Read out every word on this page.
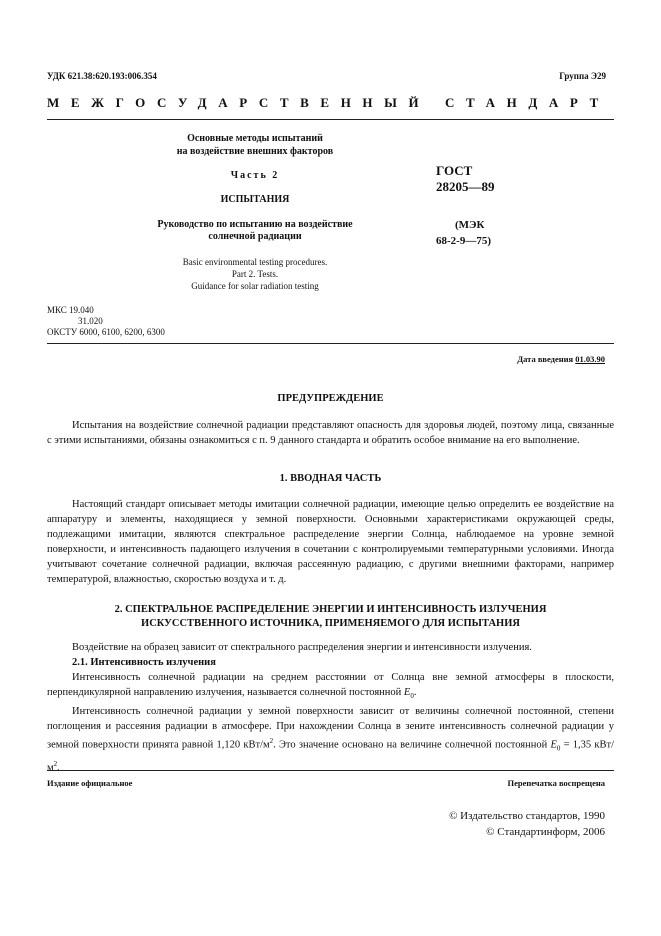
УДК 621.38:620.193:006.354	Группа Э29
МЕЖГОСУДАРСТВЕННЫЙ СТАНДАРТ
Основные методы испытаний
на воздействие внешних факторов
Часть 2
ИСПЫТАНИЯ
Руководство по испытанию на воздействие
солнечной радиации
Basic environmental testing procedures.
Part 2. Tests.
Guidance for solar radiation testing
ГОСТ
28205—89
(МЭК
68-2-9—75)
МКС 19.040
31.020
ОКСТУ 6000, 6100, 6200, 6300
Дата введения 01.03.90
ПРЕДУПРЕЖДЕНИЕ
Испытания на воздействие солнечной радиации представляют опасность для здоровья людей, поэтому лица, связанные с этими испытаниями, обязаны ознакомиться с п. 9 данного стандарта и обратить особое внимание на его выполнение.
1. ВВОДНАЯ ЧАСТЬ
Настоящий стандарт описывает методы имитации солнечной радиации, имеющие целью определить ее воздействие на аппаратуру и элементы, находящиеся у земной поверхности. Основными характеристиками окружающей среды, подлежащими имитации, являются спектральное распределение энергии Солнца, наблюдаемое на уровне земной поверхности, и интенсивность падающего излучения в сочетании с контролируемыми температурными условиями. Иногда учитывают сочетание солнечной радиации, включая рассеянную радиацию, с другими внешними факторами, например температурой, влажностью, скоростью воздуха и т. д.
2. СПЕКТРАЛЬНОЕ РАСПРЕДЕЛЕНИЕ ЭНЕРГИИ И ИНТЕНСИВНОСТЬ ИЗЛУЧЕНИЯ
ИСКУССТВЕННОГО ИСТОЧНИКА, ПРИМЕНЯЕМОГО ДЛЯ ИСПЫТАНИЯ

Воздействие на образец зависит от спектрального распределения энергии и интенсивности излучения.

2.1. Интенсивность излучения

Интенсивность солнечной радиации на среднем расстоянии от Солнца вне земной атмосферы в плоскости, перпендикулярной направлению излучения, называется солнечной постоянной $E_0$.

Интенсивность солнечной радиации у земной поверхности зависит от величины солнечной постоянной, степени поглощения и рассеяния радиации в атмосфере. При нахождении Солнца в зените интенсивность солнечной радиации у земной поверхности принята равной 1,120 кВт/$м^2$. Это значение основано на величине солнечной постоянной $E_0 = 1,35$ кВт/$м^2$.

Издание официальное	Перепечатка воспрещена
© Издательство стандартов, 1990
© Стандартинформ, 2006
